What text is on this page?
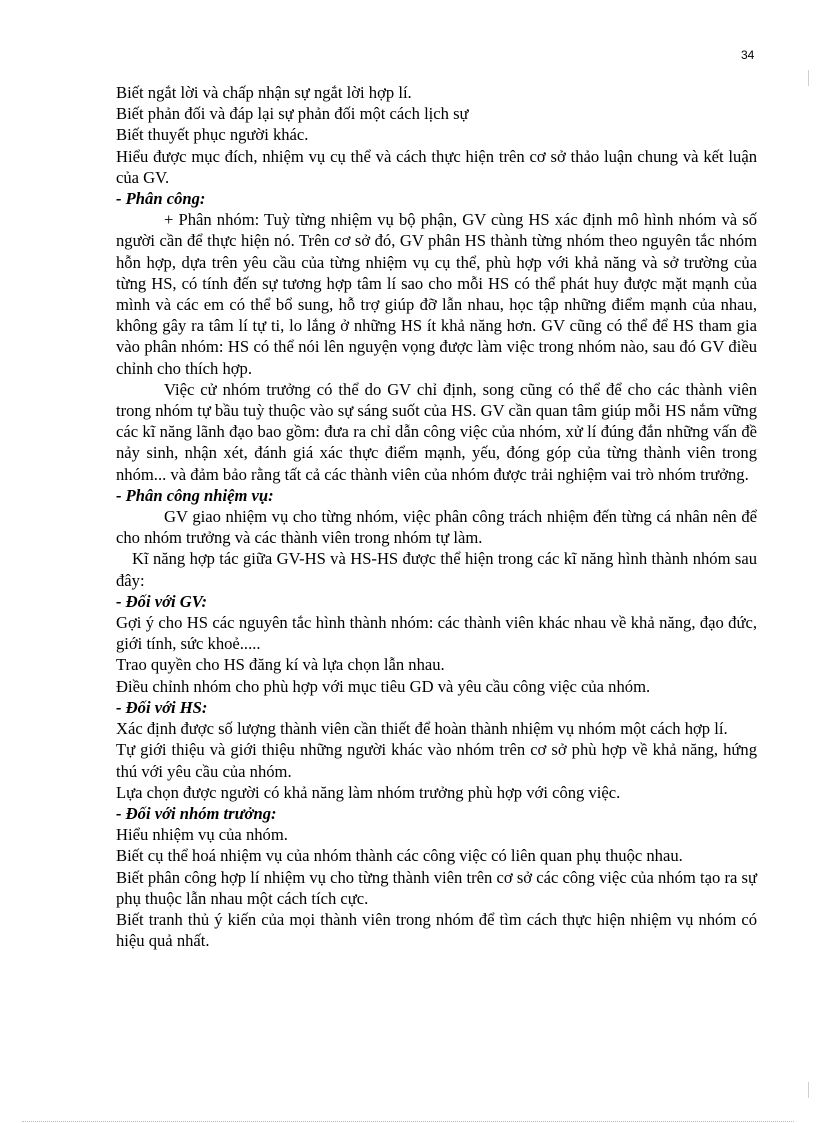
34

Biết ngắt lời và chấp nhận sự ngắt lời hợp lí.

Biết phản đối và đáp lại sự phản đối một cách lịch sự

Biết thuyết phục người khác.

Hiểu được mục đích, nhiệm vụ cụ thể và cách thực hiện trên cơ sở thảo luận chung và kết luận của GV.

- Phân công:

+ Phân nhóm: Tuỳ từng nhiệm vụ bộ phận, GV cùng HS xác định mô hình nhóm và số người cần để thực hiện nó. Trên cơ sở đó, GV phân HS thành từng nhóm theo nguyên tắc nhóm hỗn hợp, dựa trên yêu cầu của từng nhiệm vụ cụ thể, phù hợp với khả năng và sở trường của từng HS, có tính đến sự tương hợp tâm lí sao cho mỗi HS có thể phát huy được mặt mạnh của mình và các em có thể bổ sung, hỗ trợ giúp đỡ lẫn nhau, học tập những điểm mạnh của nhau, không gây ra tâm lí tự ti, lo lắng ở những HS ít khả năng hơn. GV cũng có thể để HS tham gia vào phân nhóm: HS có thể nói lên nguyện vọng được làm việc trong nhóm nào, sau đó GV điều chỉnh cho thích hợp.

Việc cử nhóm trưởng có thể do GV chỉ định, song cũng có thể để cho các thành viên trong nhóm tự bầu tuỳ thuộc vào sự sáng suốt của HS. GV cần quan tâm giúp mỗi HS nắm vững các kĩ năng lãnh đạo bao gồm: đưa ra chỉ dẫn công việc của nhóm, xử lí đúng đắn những vấn đề nảy sinh, nhận xét, đánh giá xác thực điểm mạnh, yếu, đóng góp của từng thành viên trong nhóm... và đảm bảo rằng tất cả các thành viên của nhóm được trải nghiệm vai trò nhóm trưởng.

- Phân công nhiệm vụ:

GV giao nhiệm vụ cho từng nhóm, việc phân công trách nhiệm đến từng cá nhân nên để cho nhóm trưởng và các thành viên trong nhóm tự làm.

Kĩ năng hợp tác giữa GV-HS và HS-HS được thể hiện trong các kĩ năng hình thành nhóm sau đây:

- Đối với GV:

Gợi ý cho HS các nguyên tắc hình thành nhóm: các thành viên khác nhau về khả năng, đạo đức, giới tính, sức khoẻ.....

Trao quyền cho HS đăng kí và lựa chọn lẫn nhau.

Điều chỉnh nhóm cho phù hợp với mục tiêu GD và yêu cầu công việc của nhóm.

- Đối với HS:

Xác định được số lượng thành viên cần thiết để hoàn thành nhiệm vụ nhóm một cách hợp lí.

Tự giới thiệu và giới thiệu những người khác vào nhóm trên cơ sở phù hợp về khả năng, hứng thú với yêu cầu của nhóm.

Lựa chọn được người có khả năng làm nhóm trưởng phù hợp với công việc.

- Đối với nhóm trưởng:

Hiểu nhiệm vụ của nhóm.

Biết cụ thể hoá nhiệm vụ của nhóm thành các công việc có liên quan phụ thuộc nhau.

Biết phân công hợp lí nhiệm vụ cho từng thành viên trên cơ sở các công việc của nhóm tạo ra sự phụ thuộc lẫn nhau một cách tích cực.

Biết tranh thủ ý kiến của mọi thành viên trong nhóm để tìm cách thực hiện nhiệm vụ nhóm có hiệu quả nhất.
